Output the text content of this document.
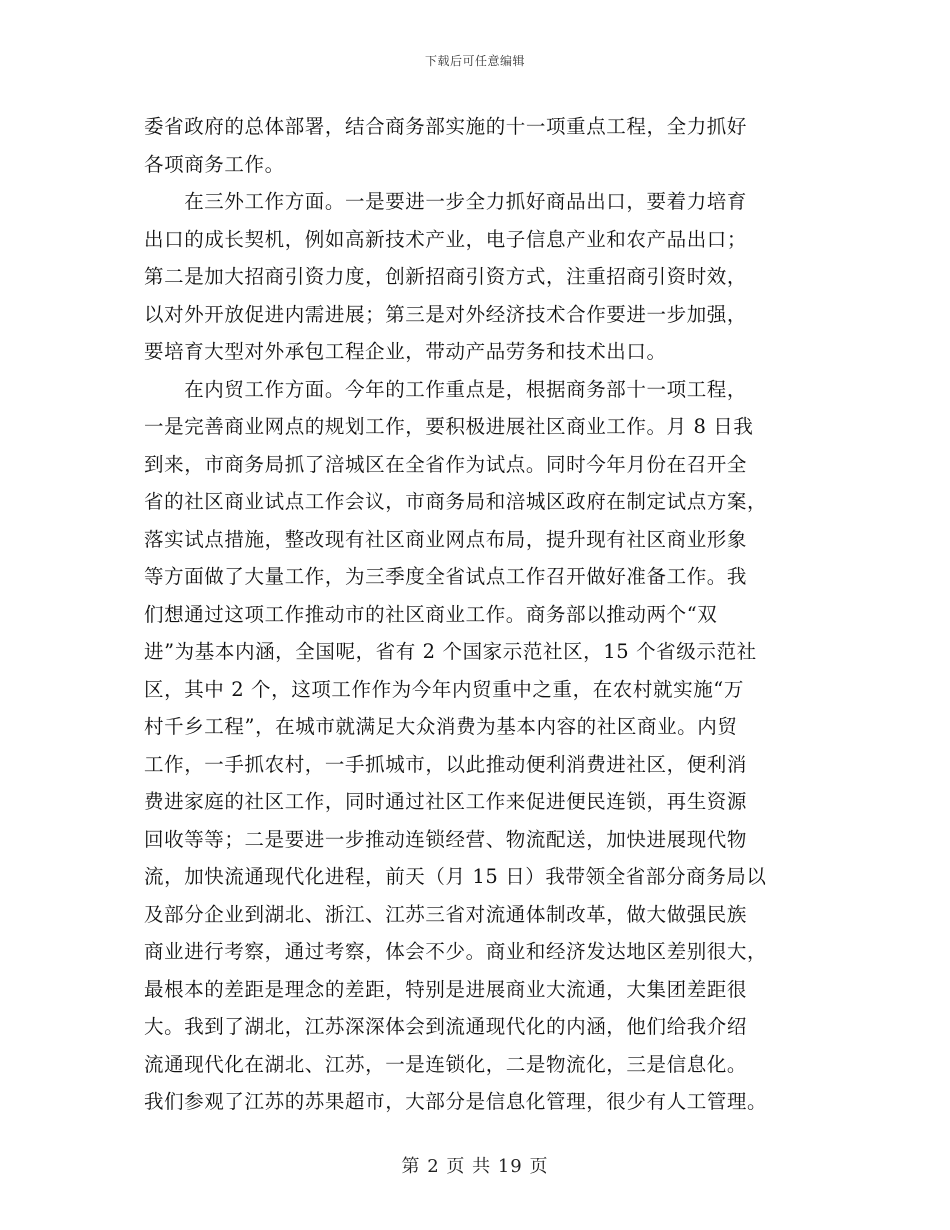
下载后可任意编辑
委省政府的总体部署，结合商务部实施的十一项重点工程，全力抓好
各项商务工作。
　　在三外工作方面。一是要进一步全力抓好商品出口，要着力培育
出口的成长契机，例如高新技术产业，电子信息产业和农产品出口；
第二是加大招商引资力度，创新招商引资方式，注重招商引资时效，
以对外开放促进内需进展；第三是对外经济技术合作要进一步加强，
要培育大型对外承包工程企业，带动产品劳务和技术出口。
　　在内贸工作方面。今年的工作重点是，根据商务部十一项工程，
一是完善商业网点的规划工作，要积极进展社区商业工作。月 8 日我
到来，市商务局抓了涪城区在全省作为试点。同时今年月份在召开全
省的社区商业试点工作会议，市商务局和涪城区政府在制定试点方案，
落实试点措施，整改现有社区商业网点布局，提升现有社区商业形象
等方面做了大量工作，为三季度全省试点工作召开做好准备工作。我
们想通过这项工作推动市的社区商业工作。商务部以推动两个“双
进”为基本内涵，全国呢，省有 2 个国家示范社区，15 个省级示范社
区，其中 2 个，这项工作作为今年内贸重中之重，在农村就实施“万
村千乡工程”，在城市就满足大众消费为基本内容的社区商业。内贸
工作，一手抓农村，一手抓城市，以此推动便利消费进社区，便利消
费进家庭的社区工作，同时通过社区工作来促进便民连锁，再生资源
回收等等；二是要进一步推动连锁经营、物流配送，加快进展现代物
流，加快流通现代化进程，前天（月 15 日）我带领全省部分商务局以
及部分企业到湖北、浙江、江苏三省对流通体制改革，做大做强民族
商业进行考察，通过考察，体会不少。商业和经济发达地区差别很大，
最根本的差距是理念的差距，特别是进展商业大流通，大集团差距很
大。我到了湖北，江苏深深体会到流通现代化的内涵，他们给我介绍
流通现代化在湖北、江苏，一是连锁化，二是物流化，三是信息化。
我们参观了江苏的苏果超市，大部分是信息化管理，很少有人工管理。
第 2 页 共 19 页
